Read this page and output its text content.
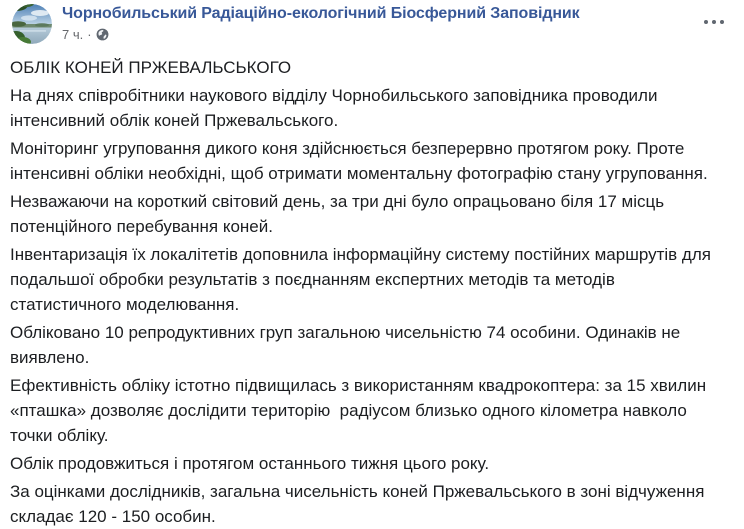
Чорнобильський Радіаційно-екологічний Біосферний Заповідник
7 ч. ·
ОБЛІК КОНЕЙ ПРЖЕВАЛЬСЬКОГО
На днях співробітники наукового відділу Чорнобильського заповідника проводили інтенсивний облік коней Пржевальського.
Моніторинг угруповання дикого коня здійснюється безперервно протягом року. Проте інтенсивні обліки необхідні, щоб отримати моментальну фотографію стану угруповання.
Незважаючи на короткий світовий день, за три дні було опрацьовано біля 17 місць потенційного перебування коней.
Інвентаризація їх локалітетів доповнила інформаційну систему постійних маршрутів для подальшої обробки результатів з поєднанням експертних методів та методів статистичного моделювання.
Обліковано 10 репродуктивних груп загальною чисельністю 74 особини. Одинаків не виявлено.
Ефективність обліку істотно підвищилась з використанням квадрокоптера: за 15 хвилин «пташка» дозволяє дослідити територію  радіусом близько одного кілометра навколо точки обліку.
Облік продовжиться і протягом останнього тижня цього року.
За оцінками дослідників, загальна чисельність коней Пржевальського в зоні відчуження складає 120 - 150 особин.
